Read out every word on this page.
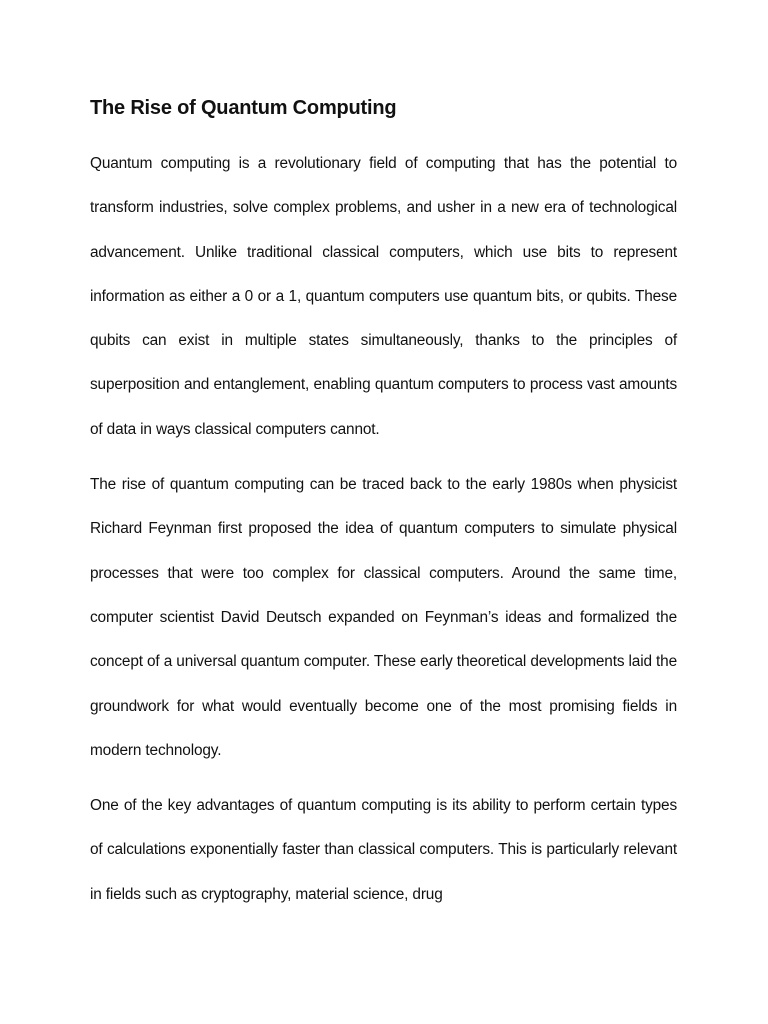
The Rise of Quantum Computing

Quantum computing is a revolutionary field of computing that has the potential to transform industries, solve complex problems, and usher in a new era of technological advancement. Unlike traditional classical computers, which use bits to represent information as either a 0 or a 1, quantum computers use quantum bits, or qubits. These qubits can exist in multiple states simultaneously, thanks to the principles of superposition and entanglement, enabling quantum computers to process vast amounts of data in ways classical computers cannot.

The rise of quantum computing can be traced back to the early 1980s when physicist Richard Feynman first proposed the idea of quantum computers to simulate physical processes that were too complex for classical computers. Around the same time, computer scientist David Deutsch expanded on Feynman’s ideas and formalized the concept of a universal quantum computer. These early theoretical developments laid the groundwork for what would eventually become one of the most promising fields in modern technology.

One of the key advantages of quantum computing is its ability to perform certain types of calculations exponentially faster than classical computers. This is particularly relevant in fields such as cryptography, material science, drug
